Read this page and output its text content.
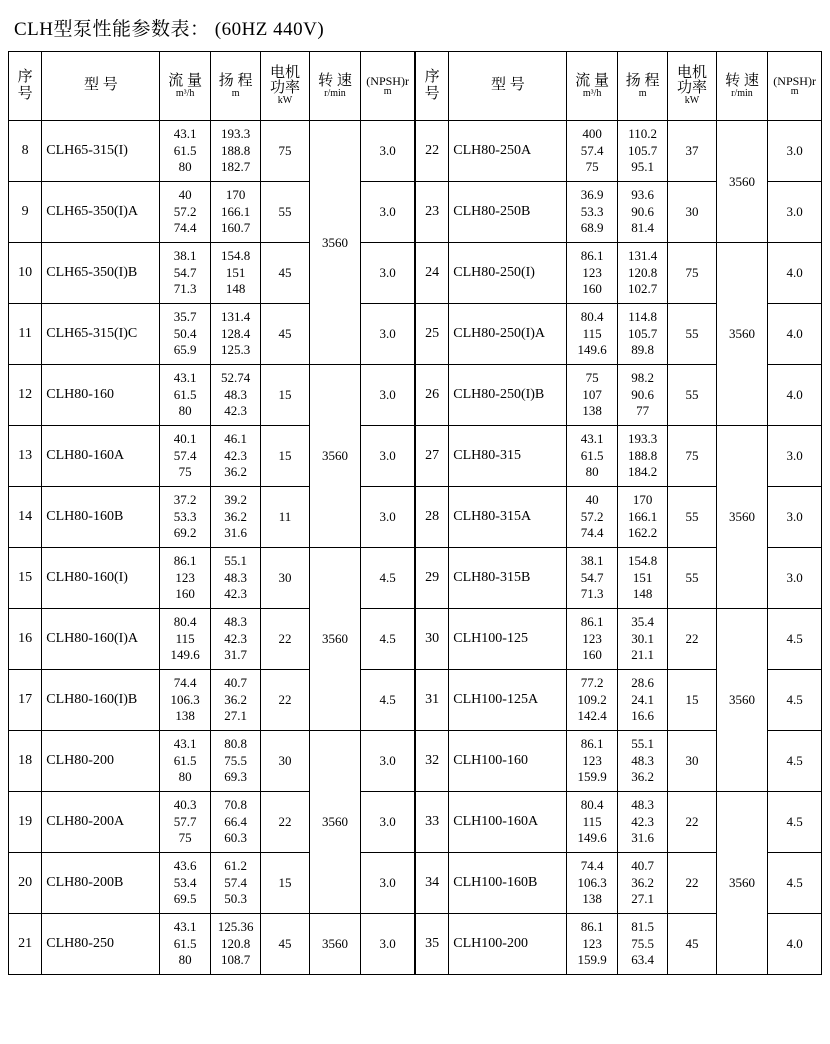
CLH型泵性能参数表： (60HZ 440V)
序
号	型 号	流 量
m³/h	扬 程
m	电机
功率
kW	转 速
r/min	(NPSH)r
m

8	CLH65-315(I)	43.1
61.5
80	193.3
188.8
182.7	75	3560	3.0
9	CLH65-350(I)A	40
57.2
74.4	170
166.1
160.7	55		3.0
10	CLH65-350(I)B	38.1
54.7
71.3	154.8
151
148	45		3.0
11	CLH65-315(I)C	35.7
50.4
65.9	131.4
128.4
125.3	45		3.0
12	CLH80-160	43.1
61.5
80	52.74
48.3
42.3	15	3560	3.0
13	CLH80-160A	40.1
57.4
75	46.1
42.3
36.2	15		3.0
14	CLH80-160B	37.2
53.3
69.2	39.2
36.2
31.6	11		3.0
15	CLH80-160(I)	86.1
123
160	55.1
48.3
42.3	30	3560	4.5
16	CLH80-160(I)A	80.4
115
149.6	48.3
42.3
31.7	22		4.5
17	CLH80-160(I)B	74.4
106.3
138	40.7
36.2
27.1	22		4.5
18	CLH80-200	43.1
61.5
80	80.8
75.5
69.3	30	3560	3.0
19	CLH80-200A	40.3
57.7
75	70.8
66.4
60.3	22		3.0
20	CLH80-200B	43.6
53.4
69.5	61.2
57.4
50.3	15		3.0
21	CLH80-250	43.1
61.5
80	125.36
120.8
108.7	45	3560	3.0
序
号	型 号	流 量
m³/h	扬 程
m	电机
功率
kW	转 速
r/min	(NPSH)r
m

22	CLH80-250A	400
57.4
75	110.2
105.7
95.1	37	3560	3.0
23	CLH80-250B	36.9
53.3
68.9	93.6
90.6
81.4	30		3.0
24	CLH80-250(I)	86.1
123
160	131.4
120.8
102.7	75	3560	4.0
25	CLH80-250(I)A	80.4
115
149.6	114.8
105.7
89.8	55		4.0
26	CLH80-250(I)B	75
107
138	98.2
90.6
77	55		4.0
27	CLH80-315	43.1
61.5
80	193.3
188.8
184.2	75	3560	3.0
28	CLH80-315A	40
57.2
74.4	170
166.1
162.2	55		3.0
29	CLH80-315B	38.1
54.7
71.3	154.8
151
148	55		3.0
30	CLH100-125	86.1
123
160	35.4
30.1
21.1	22	3560	4.5
31	CLH100-125A	77.2
109.2
142.4	28.6
24.1
16.6	15		4.5
32	CLH100-160	86.1
123
159.9	55.1
48.3
36.2	30		4.5
33	CLH100-160A	80.4
115
149.6	48.3
42.3
31.6	22	3560	4.5
34	CLH100-160B	74.4
106.3
138	40.7
36.2
27.1	22		4.5
35	CLH100-200	86.1
123
159.9	81.5
75.5
63.4	45		4.0
